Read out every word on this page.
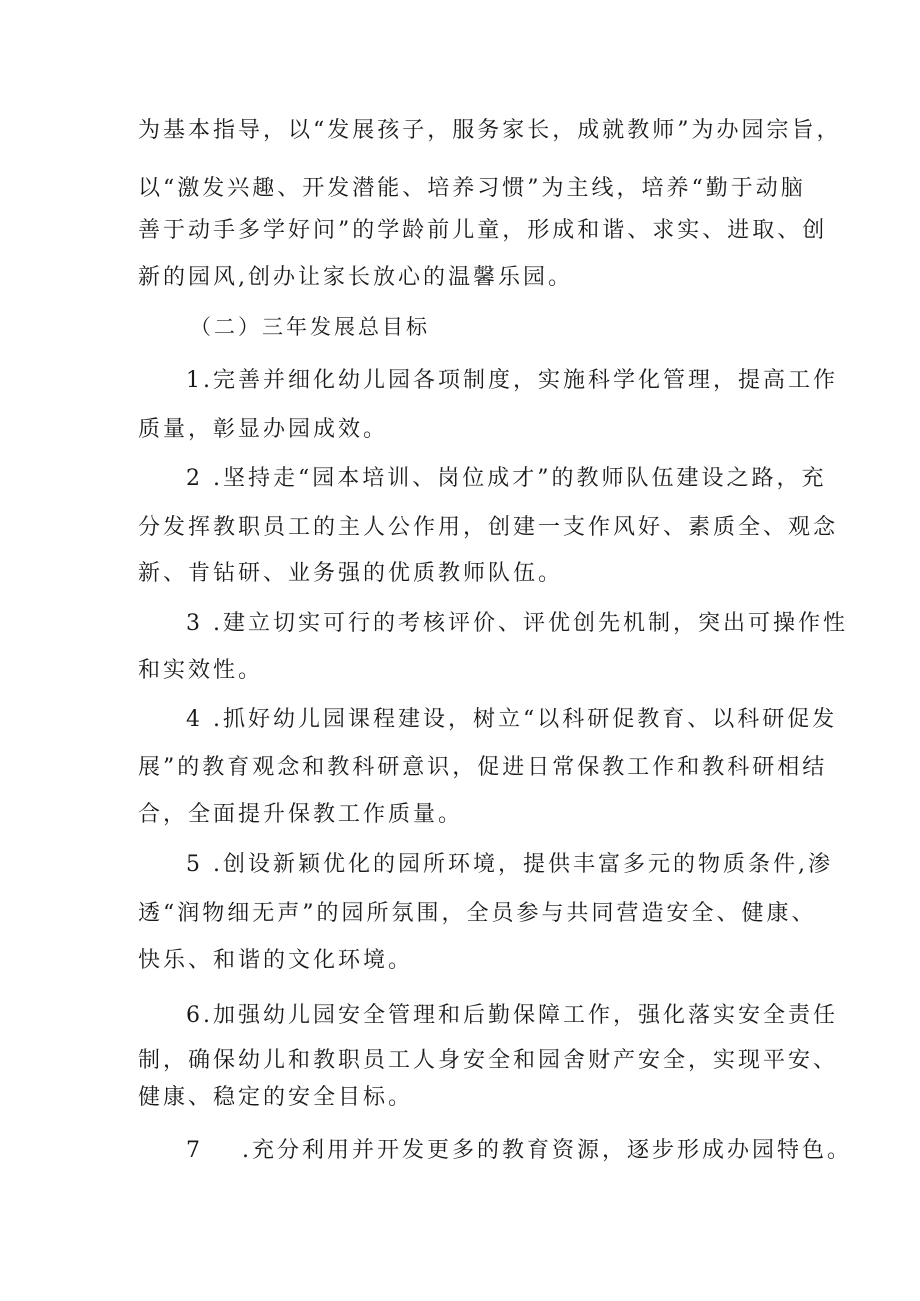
为基本指导，以“发展孩子，服务家长，成就教师”为办园宗旨，
以“激发兴趣、开发潜能、培养习惯”为主线，培养“勤于动脑
善于动手多学好问”的学龄前儿童，形成和谐、求实、进取、创
新的园风,创办让家长放心的温馨乐园。
（二）三年发展总目标
1.完善并细化幼儿园各项制度，实施科学化管理，提高工作
质量，彰显办园成效。
2 .坚持走“园本培训、岗位成才”的教师队伍建设之路，充
分发挥教职员工的主人公作用，创建一支作风好、素质全、观念
新、肯钻研、业务强的优质教师队伍。
3 .建立切实可行的考核评价、评优创先机制，突出可操作性
和实效性。
4 .抓好幼儿园课程建设，树立“以科研促教育、以科研促发
展”的教育观念和教科研意识，促进日常保教工作和教科研相结
合，全面提升保教工作质量。
5 .创设新颖优化的园所环境，提供丰富多元的物质条件,渗
透“润物细无声”的园所氛围，全员参与共同营造安全、健康、
快乐、和谐的文化环境。
6.加强幼儿园安全管理和后勤保障工作，强化落实安全责任
制，确保幼儿和教职员工人身安全和园舍财产安全，实现平安、
健康、稳定的安全目标。
7 .充分利用并开发更多的教育资源，逐步形成办园特色。
